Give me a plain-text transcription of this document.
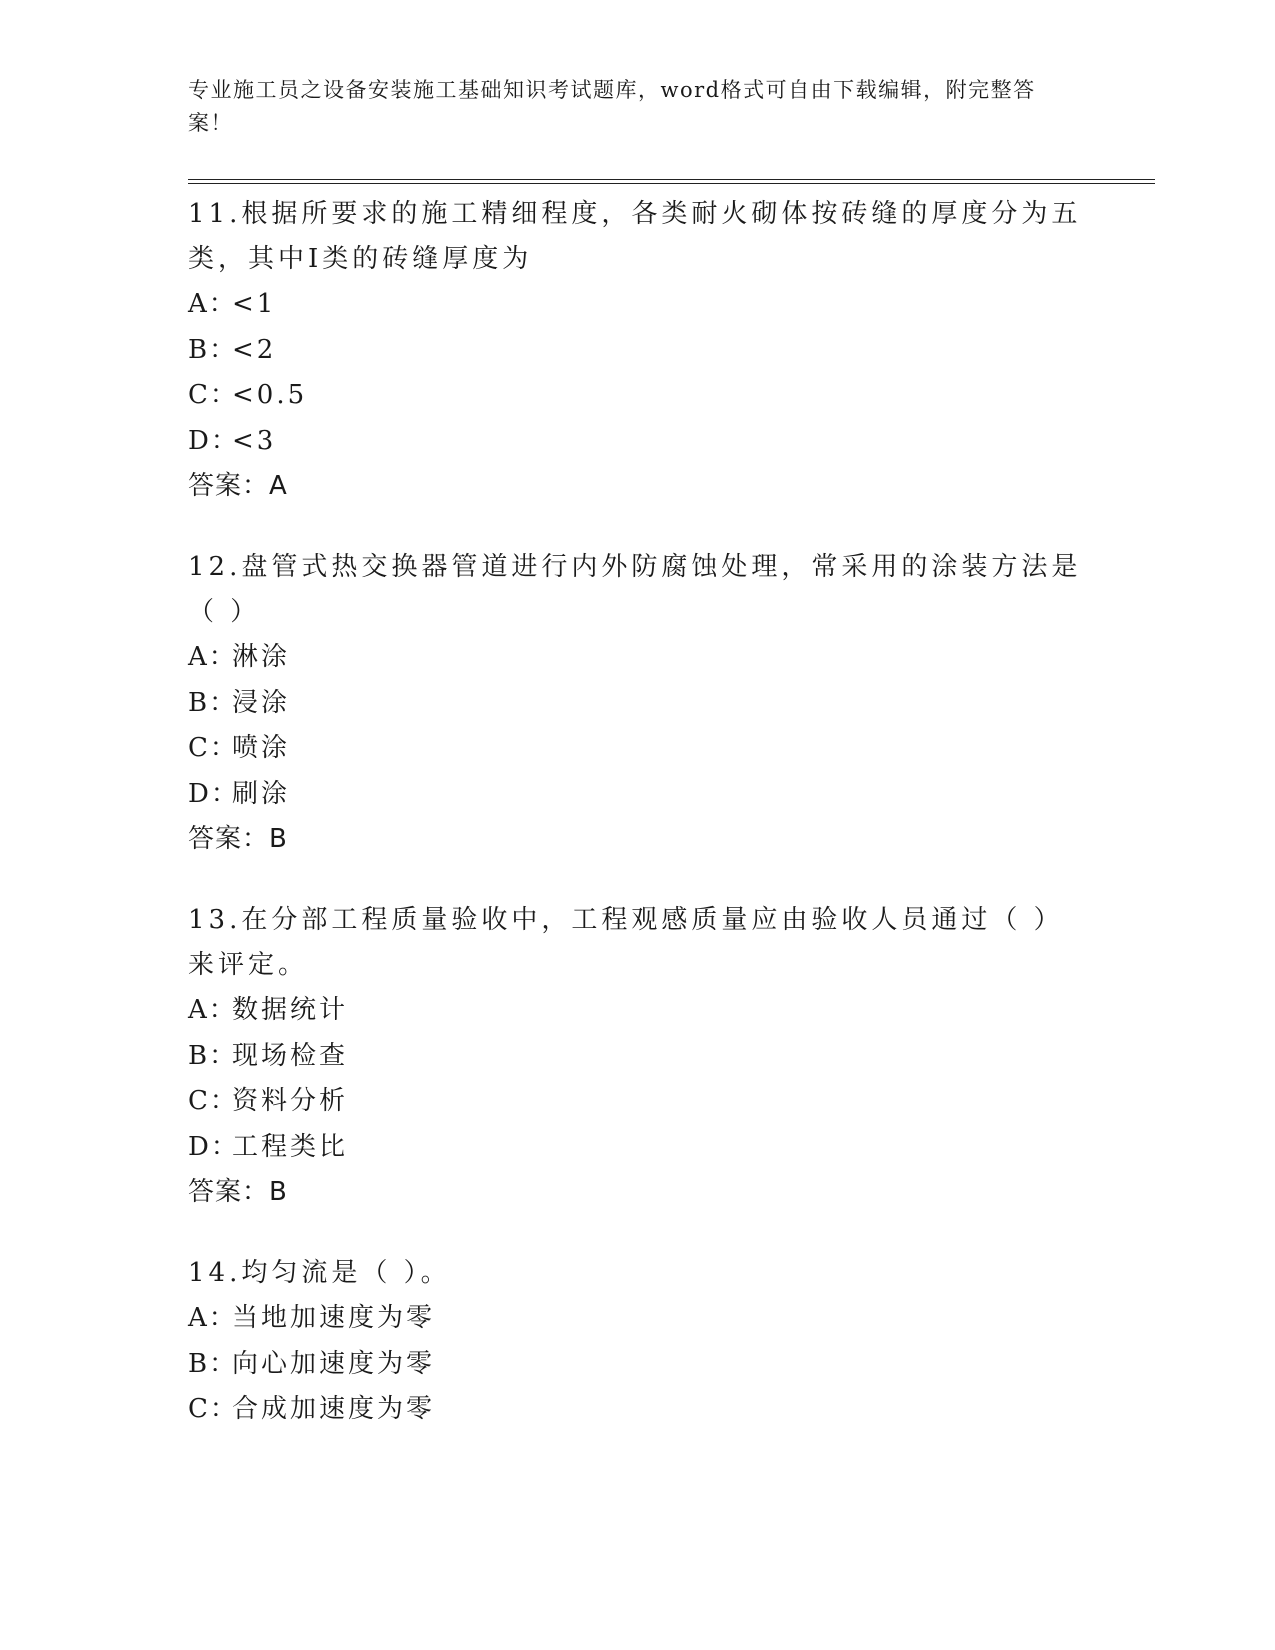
专业施工员之设备安装施工基础知识考试题库，word格式可自由下载编辑，附完整答案！

11.根据所要求的施工精细程度，各类耐火砌体按砖缝的厚度分为五类，其中Ⅰ类的砖缝厚度为

A：<1

B：<2

C：<0.5

D：<3

答案：A

12.盘管式热交换器管道进行内外防腐蚀处理，常采用的涂装方法是（ ）

A：淋涂

B：浸涂

C：喷涂

D：刷涂

答案：B

13.在分部工程质量验收中，工程观感质量应由验收人员通过（ ）来评定。

A：数据统计

B：现场检查

C：资料分析

D：工程类比

答案：B

14.均匀流是（ ）。

A：当地加速度为零

B：向心加速度为零

C：合成加速度为零
